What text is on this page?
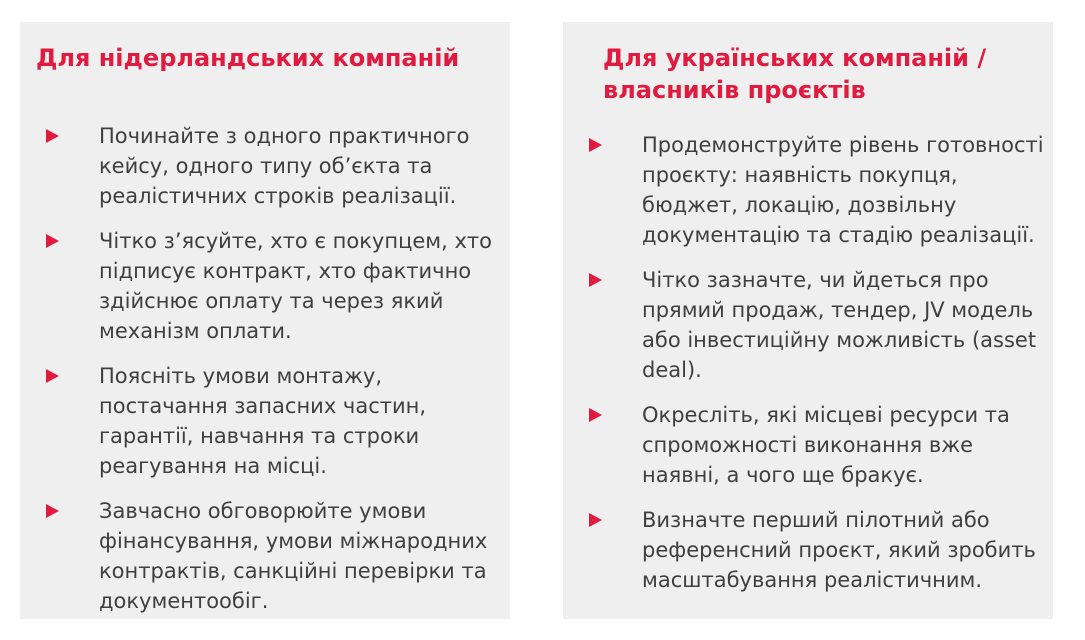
Для нідерландських компаній
Починайте з одного практичного кейсу, одного типу об’єкта та реалістичних строків реалізації.
Чітко з’ясуйте, хто є покупцем, хто підписує контракт, хто фактично здійснює оплату та через який механізм оплати.
Поясніть умови монтажу, постачання запасних частин, гарантії, навчання та строки реагування на місці.
Завчасно обговорюйте умови фінансування, умови міжнародних контрактів, санкційні перевірки та документообіг.
Для українських компаній / власників проєктів
Продемонструйте рівень готовності проєкту: наявність покупця, бюджет, локацію, дозвільну документацію та стадію реалізації.
Чітко зазначте, чи йдеться про прямий продаж, тендер, JV модель або інвестиційну можливість (asset deal).
Окресліть, які місцеві ресурси та спроможності виконання вже наявні, а чого ще бракує.
Визначте перший пілотний або референсний проєкт, який зробить масштабування реалістичним.
